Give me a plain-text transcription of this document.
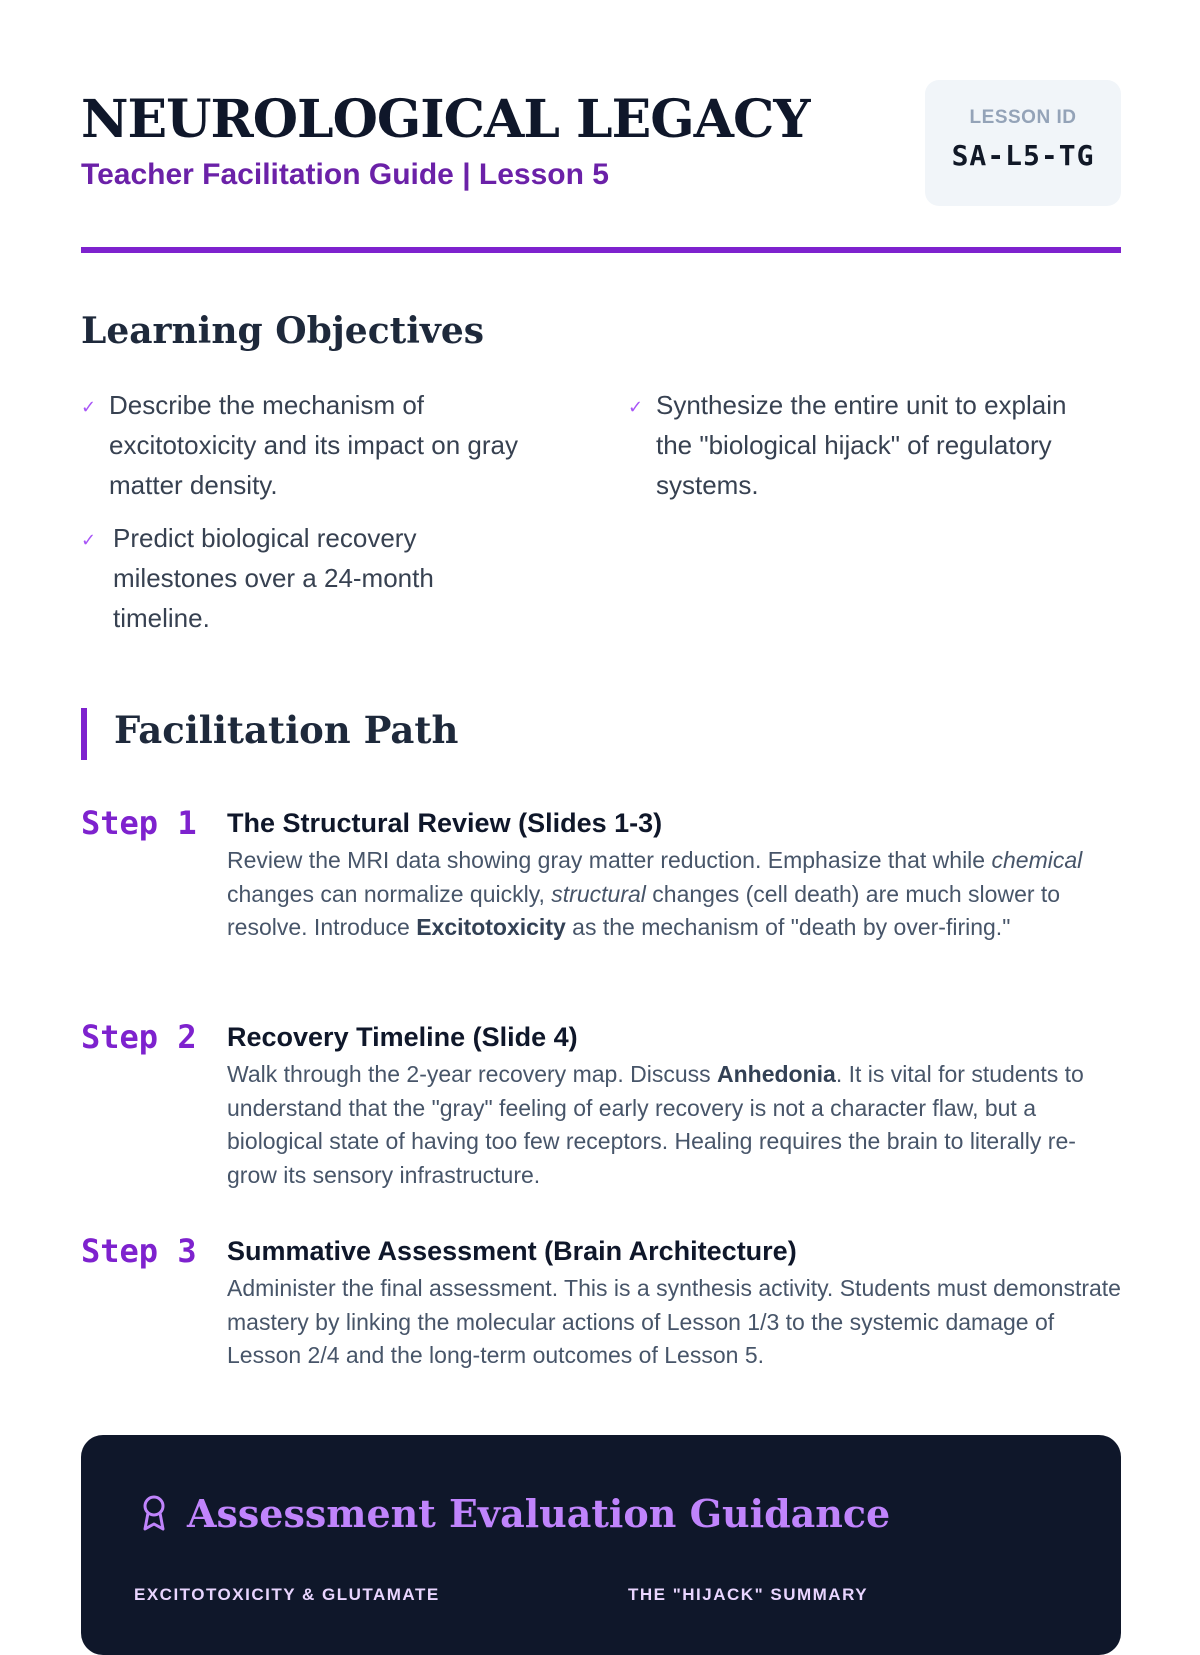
NEUROLOGICAL LEGACY
Teacher Facilitation Guide | Lesson 5
LESSON ID
SA-L5-TG
Learning Objectives
✓ Describe the mechanism of excitotoxicity and its impact on gray matter density.
✓ Synthesize the entire unit to explain the "biological hijack" of regulatory systems.
✓ Predict biological recovery milestones over a 24-month timeline.
Facilitation Path
Step 1 The Structural Review (Slides 1-3)
Review the MRI data showing gray matter reduction. Emphasize that while chemical changes can normalize quickly, structural changes (cell death) are much slower to resolve. Introduce Excitotoxicity as the mechanism of "death by over-firing."
Step 2 Recovery Timeline (Slide 4)
Walk through the 2-year recovery map. Discuss Anhedonia. It is vital for students to understand that the "gray" feeling of early recovery is not a character flaw, but a biological state of having too few receptors. Healing requires the brain to literally re-grow its sensory infrastructure.
Step 3 Summative Assessment (Brain Architecture)
Administer the final assessment. This is a synthesis activity. Students must demonstrate mastery by linking the molecular actions of Lesson 1/3 to the systemic damage of Lesson 2/4 and the long-term outcomes of Lesson 5.
Assessment Evaluation Guidance
EXCITOTOXICITY & GLUTAMATE	THE "HIJACK" SUMMARY
